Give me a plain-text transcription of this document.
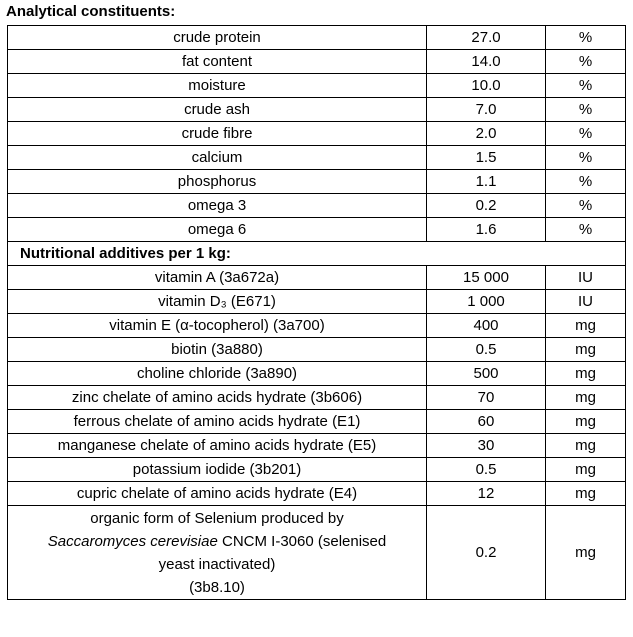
Analytical constituents:
crude protein	27.0	%
fat content	14.0	%
moisture	10.0	%
crude ash	7.0	%
crude fibre	2.0	%
calcium	1.5	%
phosphorus	1.1	%
omega 3	0.2	%
omega 6	1.6	%
Nutritional additives per 1 kg:		
vitamin A (3a672a)	15 000	IU
vitamin D₃ (E671)	1 000	IU
vitamin E (α-tocopherol) (3a700)	400	mg
biotin (3a880)	0.5	mg
choline chloride (3a890)	500	mg
zinc chelate of amino acids hydrate (3b606)	70	mg
ferrous chelate of amino acids hydrate (E1)	60	mg
manganese chelate of amino acids hydrate (E5)	30	mg
potassium iodide (3b201)	0.5	mg
cupric chelate of amino acids hydrate (E4)	12	mg
organic form of Selenium produced by
Saccaromyces cerevisiae CNCM I-3060 (selenised
yeast inactivated)
(3b8.10)	0.2	mg
